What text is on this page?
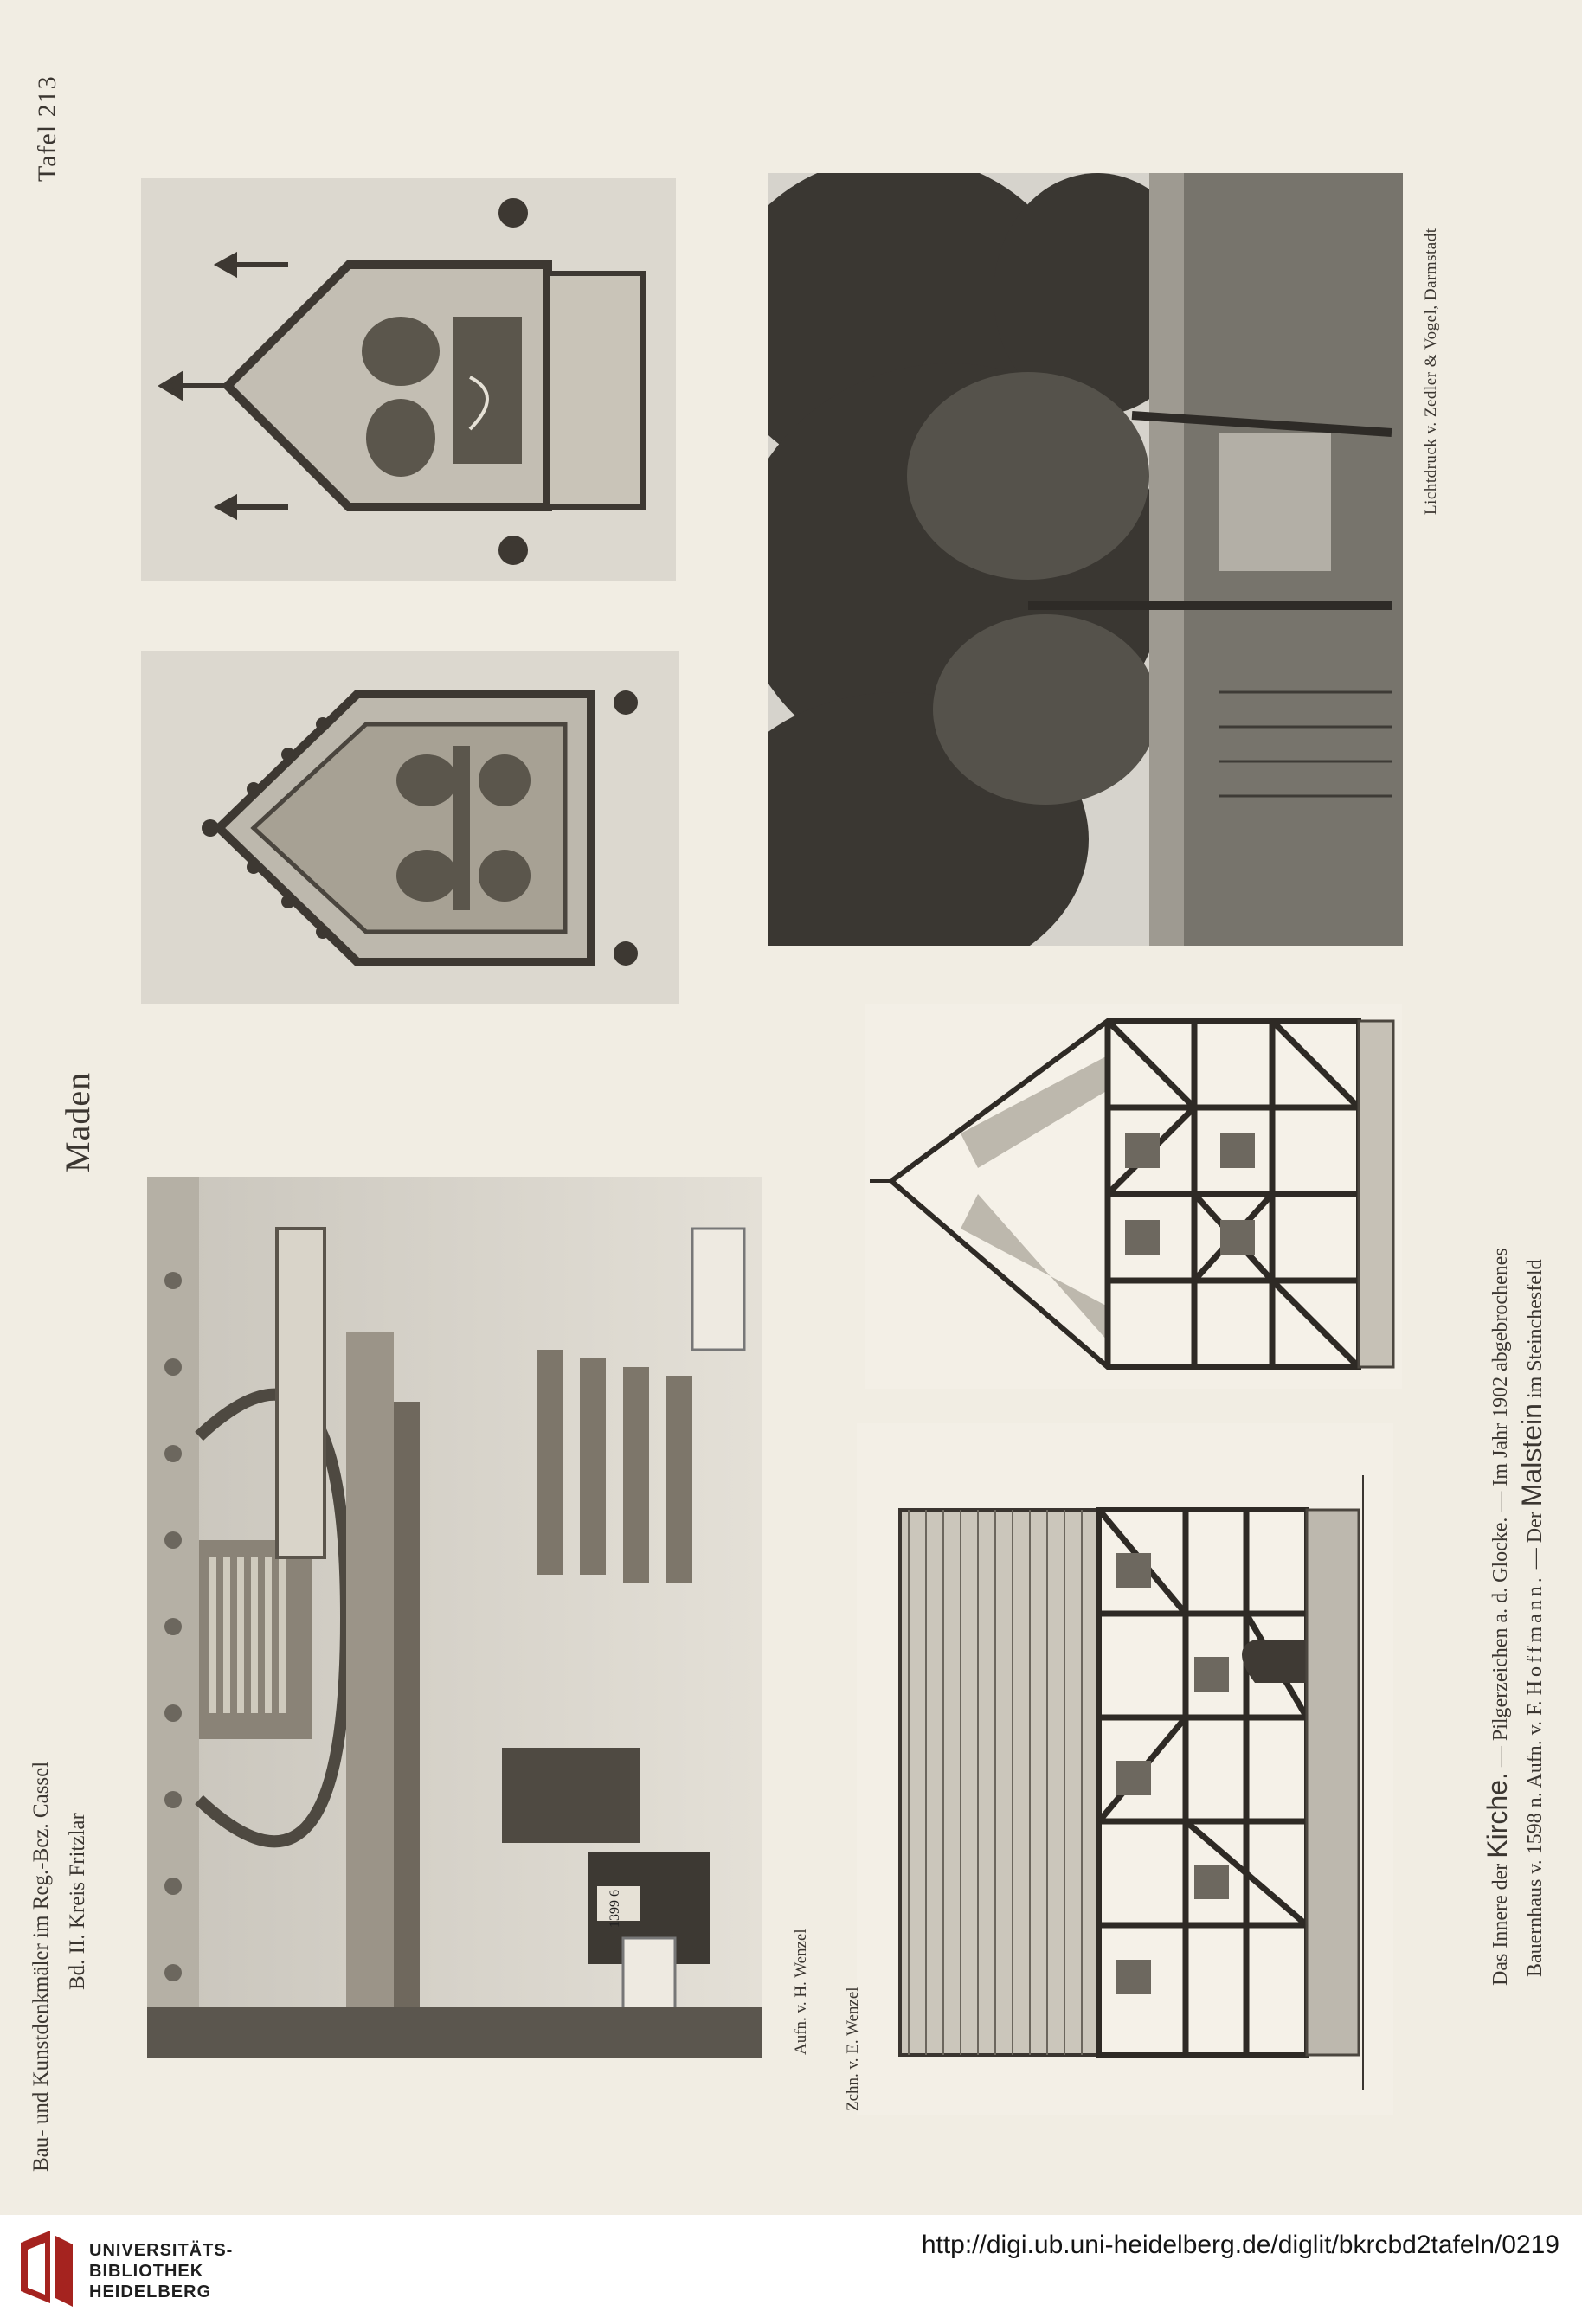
Tafel 213
Bau- und Kunstdenkmäler im Reg.-Bez. Cassel Bd. II. Kreis Fritzlar
Maden
1399 6
Aufn. v. H. Wenzel
Lichtdruck v. Zedler & Vogel, Darmstadt
Zchn. v. E. Wenzel
Das Innere der Kirche. — Pilgerzeichen a. d. Glocke. — Im Jahr 1902 abgebrochenes
Bauernhaus v. 1598 n. Aufn. v. F. Hoffmann. — Der Malstein im Steinchesfeld
UNIVERSITÄTS-
BIBLIOTHEK
HEIDELBERG
http://digi.ub.uni-heidelberg.de/diglit/bkrcbd2tafeln/0219
